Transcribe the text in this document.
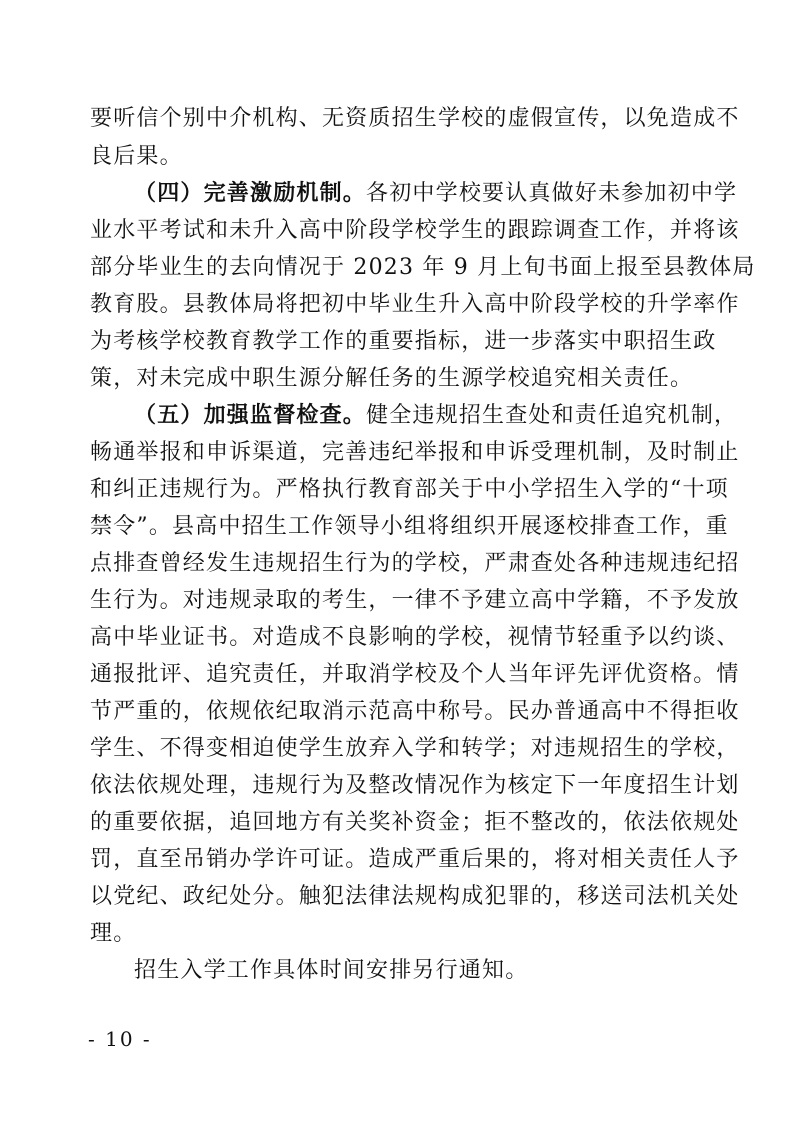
要听信个别中介机构、无资质招生学校的虚假宣传，以免造成不
良后果。
（四）完善激励机制。各初中学校要认真做好未参加初中学
业水平考试和未升入高中阶段学校学生的跟踪调查工作，并将该
部分毕业生的去向情况于 2023 年 9 月上旬书面上报至县教体局
教育股。县教体局将把初中毕业生升入高中阶段学校的升学率作
为考核学校教育教学工作的重要指标，进一步落实中职招生政
策，对未完成中职生源分解任务的生源学校追究相关责任。
（五）加强监督检查。健全违规招生查处和责任追究机制，
畅通举报和申诉渠道，完善违纪举报和申诉受理机制，及时制止
和纠正违规行为。严格执行教育部关于中小学招生入学的“十项
禁令”。县高中招生工作领导小组将组织开展逐校排查工作，重
点排查曾经发生违规招生行为的学校，严肃查处各种违规违纪招
生行为。对违规录取的考生，一律不予建立高中学籍，不予发放
高中毕业证书。对造成不良影响的学校，视情节轻重予以约谈、
通报批评、追究责任，并取消学校及个人当年评先评优资格。情
节严重的，依规依纪取消示范高中称号。民办普通高中不得拒收
学生、不得变相迫使学生放弃入学和转学；对违规招生的学校，
依法依规处理，违规行为及整改情况作为核定下一年度招生计划
的重要依据，追回地方有关奖补资金；拒不整改的，依法依规处
罚，直至吊销办学许可证。造成严重后果的，将对相关责任人予
以党纪、政纪处分。触犯法律法规构成犯罪的，移送司法机关处
理。
招生入学工作具体时间安排另行通知。
- 10 -
